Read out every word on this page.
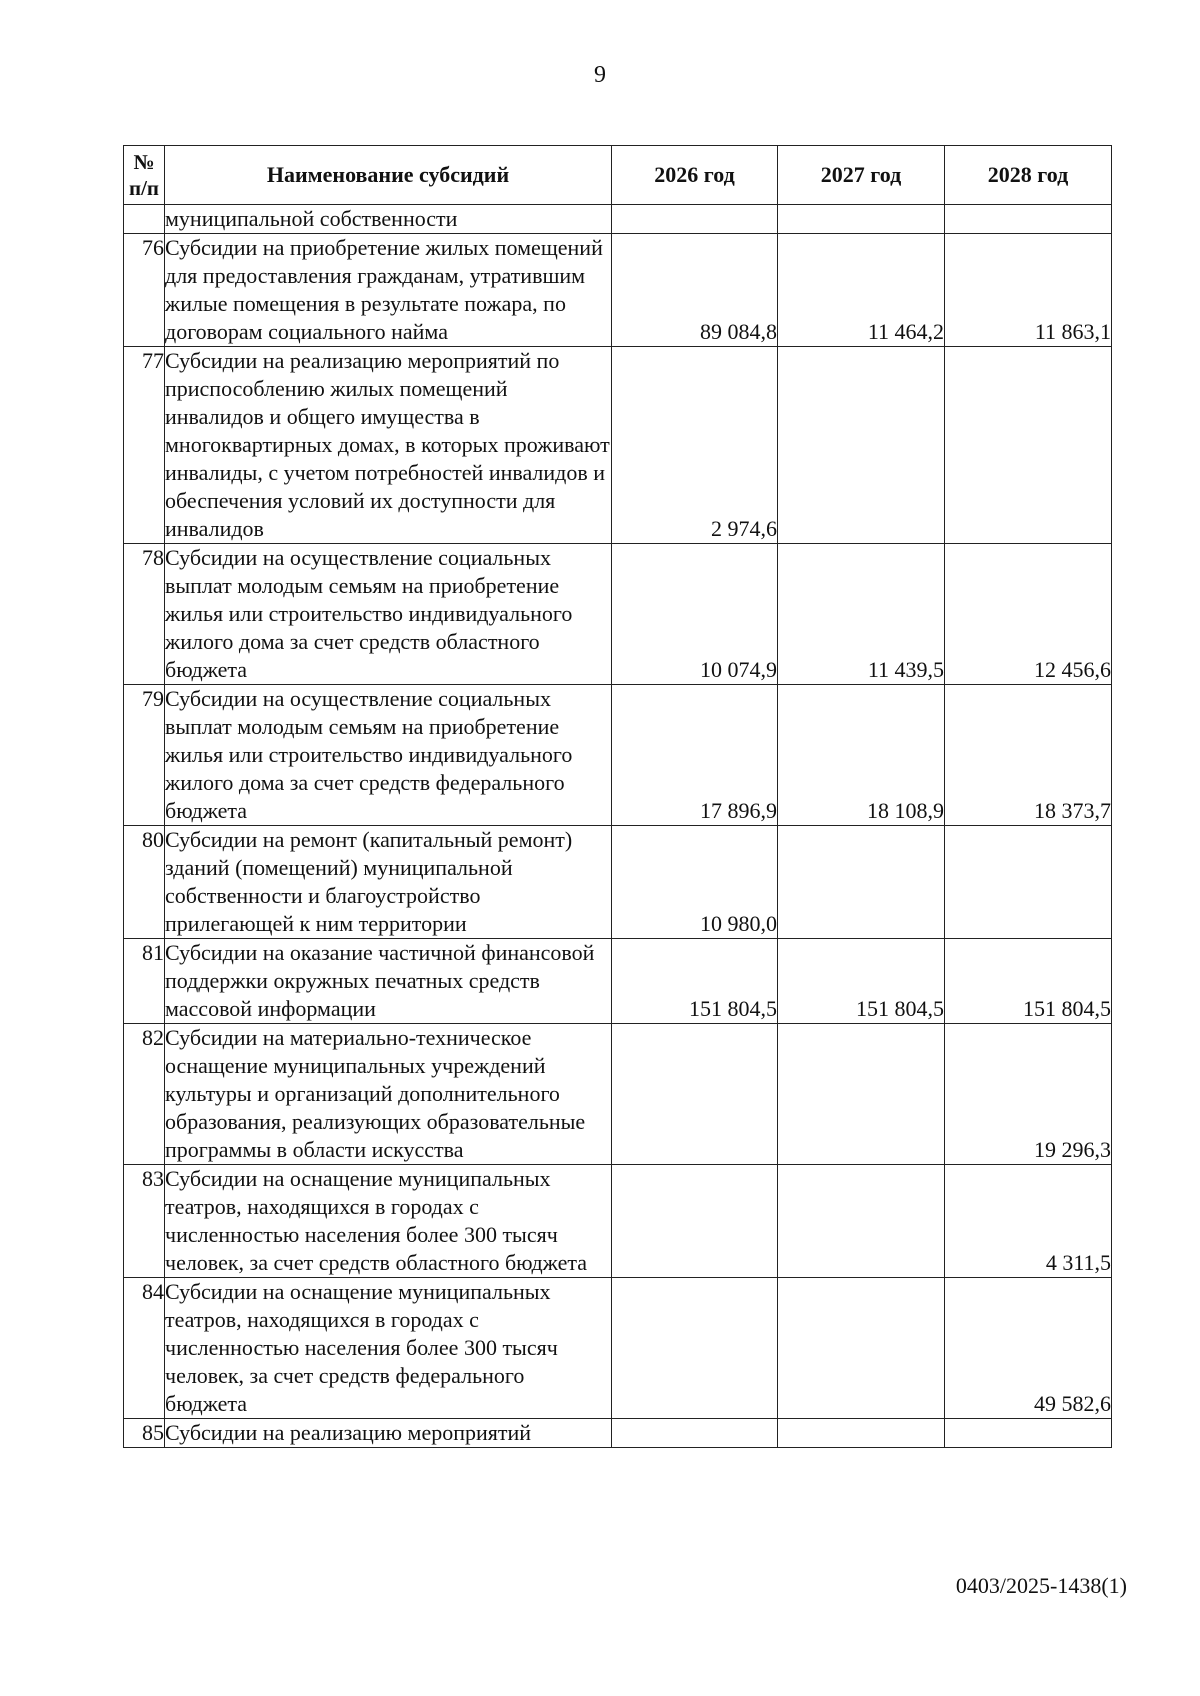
9
№
п/п	Наименование субсидий	2026 год	2027 год	2028 год
	муниципальной собственности			
76	Субсидии на приобретение жилых помещений для предоставления гражданам, утратившим жилые помещения в результате пожара, по договорам социального найма	89 084,8	11 464,2	11 863,1
77	Субсидии на реализацию мероприятий по приспособлению жилых помещений инвалидов и общего имущества в многоквартирных домах, в которых проживают инвалиды, с учетом потребностей инвалидов и обеспечения условий их доступности для инвалидов	2 974,6		
78	Субсидии на осуществление социальных выплат молодым семьям на приобретение жилья или строительство индивидуального жилого дома за счет средств областного бюджета	10 074,9	11 439,5	12 456,6
79	Субсидии на осуществление социальных выплат молодым семьям на приобретение жилья или строительство индивидуального жилого дома за счет средств федерального бюджета	17 896,9	18 108,9	18 373,7
80	Субсидии на ремонт (капитальный ремонт) зданий (помещений) муниципальной собственности и благоустройство прилегающей к ним территории	10 980,0		
81	Субсидии на оказание частичной финансовой поддержки окружных печатных средств массовой информации	151 804,5	151 804,5	151 804,5
82	Субсидии на материально-техническое оснащение муниципальных учреждений культуры и организаций дополнительного образования, реализующих образовательные программы в области искусства			19 296,3
83	Субсидии на оснащение муниципальных театров, находящихся в городах с численностью населения более 300 тысяч человек, за счет средств областного бюджета			4 311,5
84	Субсидии на оснащение муниципальных театров, находящихся в городах с численностью населения более 300 тысяч человек, за счет средств федерального бюджета			49 582,6
85	Субсидии на реализацию мероприятий			
0403/2025-1438(1)
